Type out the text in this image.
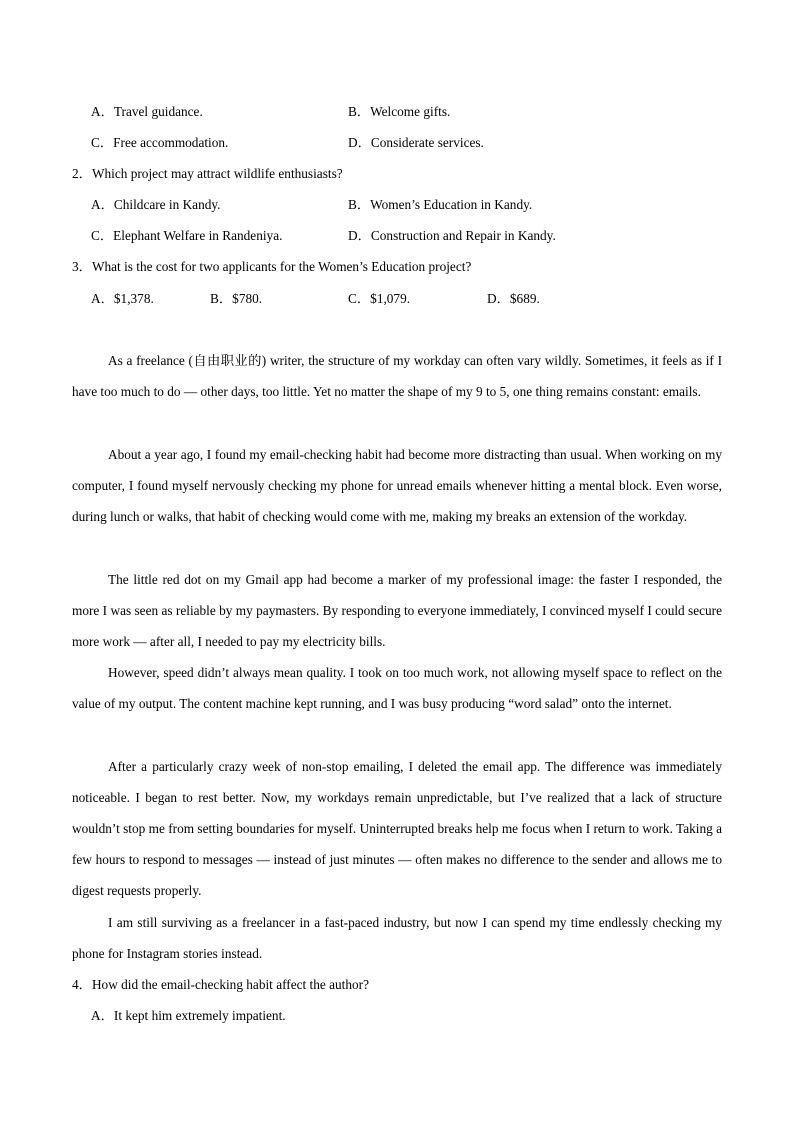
A．Travel guidance.	B．Welcome gifts.
C．Free accommodation.	D．Considerate services.
2．Which project may attract wildlife enthusiasts?
A．Childcare in Kandy.	B．Women’s Education in Kandy.
C．Elephant Welfare in Randeniya.	D．Construction and Repair in Kandy.
3．What is the cost for two applicants for the Women’s Education project?
A．$1,378.	B．$780.	C．$1,079.	D．$689.
As a freelance (自由职业的) writer, the structure of my workday can often vary wildly. Sometimes, it feels as if I have too much to do — other days, too little. Yet no matter the shape of my 9 to 5, one thing remains constant: emails.
About a year ago, I found my email-checking habit had become more distracting than usual. When working on my computer, I found myself nervously checking my phone for unread emails whenever hitting a mental block. Even worse, during lunch or walks, that habit of checking would come with me, making my breaks an extension of the workday.
The little red dot on my Gmail app had become a marker of my professional image: the faster I responded, the more I was seen as reliable by my paymasters. By responding to everyone immediately, I convinced myself I could secure more work — after all, I needed to pay my electricity bills.
However, speed didn’t always mean quality. I took on too much work, not allowing myself space to reflect on the value of my output. The content machine kept running, and I was busy producing “word salad” onto the internet.
After a particularly crazy week of non-stop emailing, I deleted the email app. The difference was immediately noticeable. I began to rest better. Now, my workdays remain unpredictable, but I’ve realized that a lack of structure wouldn’t stop me from setting boundaries for myself. Uninterrupted breaks help me focus when I return to work. Taking a few hours to respond to messages — instead of just minutes — often makes no difference to the sender and allows me to digest requests properly.
I am still surviving as a freelancer in a fast-paced industry, but now I can spend my time endlessly checking my phone for Instagram stories instead.
4．How did the email-checking habit affect the author?
A．It kept him extremely impatient.
